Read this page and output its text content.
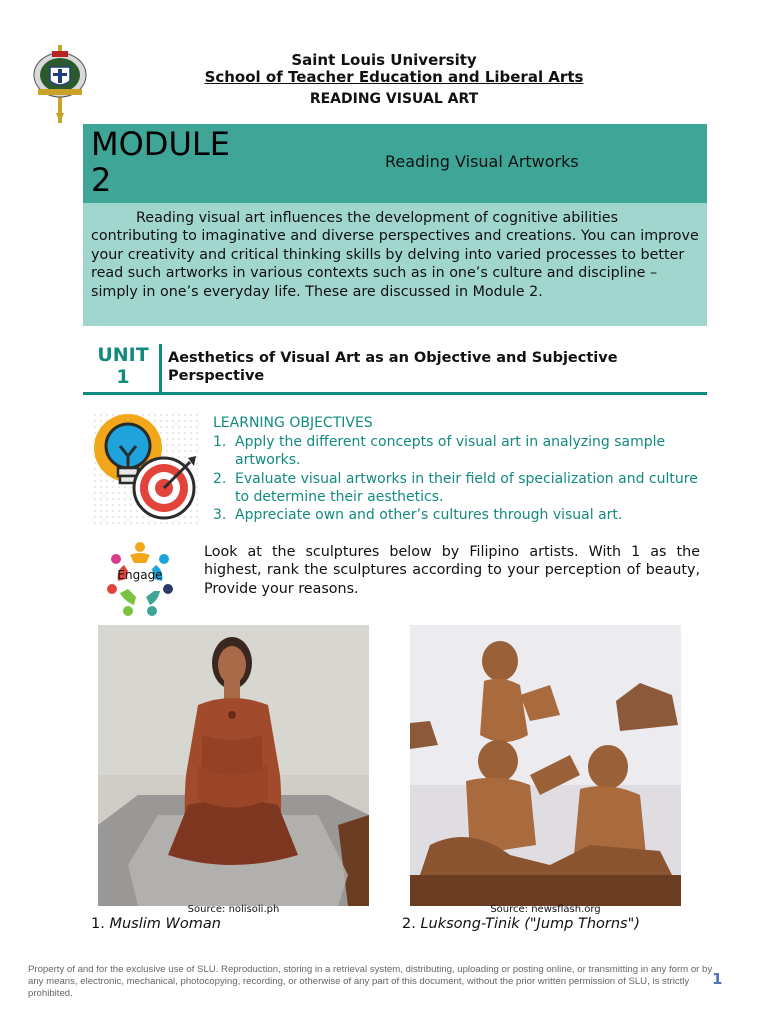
Saint Louis University
School of Teacher Education and Liberal Arts
READING VISUAL ART
MODULE 2	Reading Visual Artworks

Reading visual art influences the development of cognitive abilities contributing to imaginative and diverse perspectives and creations. You can improve your creativity and critical thinking skills by delving into varied processes to better read such artworks in various contexts such as in one’s culture and discipline – simply in one’s everyday life. These are discussed in Module 2.

UNIT
1
Aesthetics of Visual Art as an Objective and Subjective Perspective
LEARNING OBJECTIVES
1. Apply the different concepts of visual art in analyzing sample artworks.
2. Evaluate visual artworks in their field of specialization and culture to determine their aesthetics.
3. Appreciate own and other’s cultures through visual art.
Engage

Look at the sculptures below by Filipino artists. With 1 as the highest, rank the sculptures according to your perception of beauty, Provide your reasons.

Source: nolisoli.ph
1. Muslim Woman
Source: newsflash.org
2. Luksong-Tinik ("Jump Thorns")

Property of and for the exclusive use of SLU. Reproduction, storing in a retrieval system, distributing, uploading or posting online, or transmitting in any form or by any means, electronic, mechanical, photocopying, recording, or otherwise of any part of this document, without the prior written permission of SLU, is strictly prohibited.

1
